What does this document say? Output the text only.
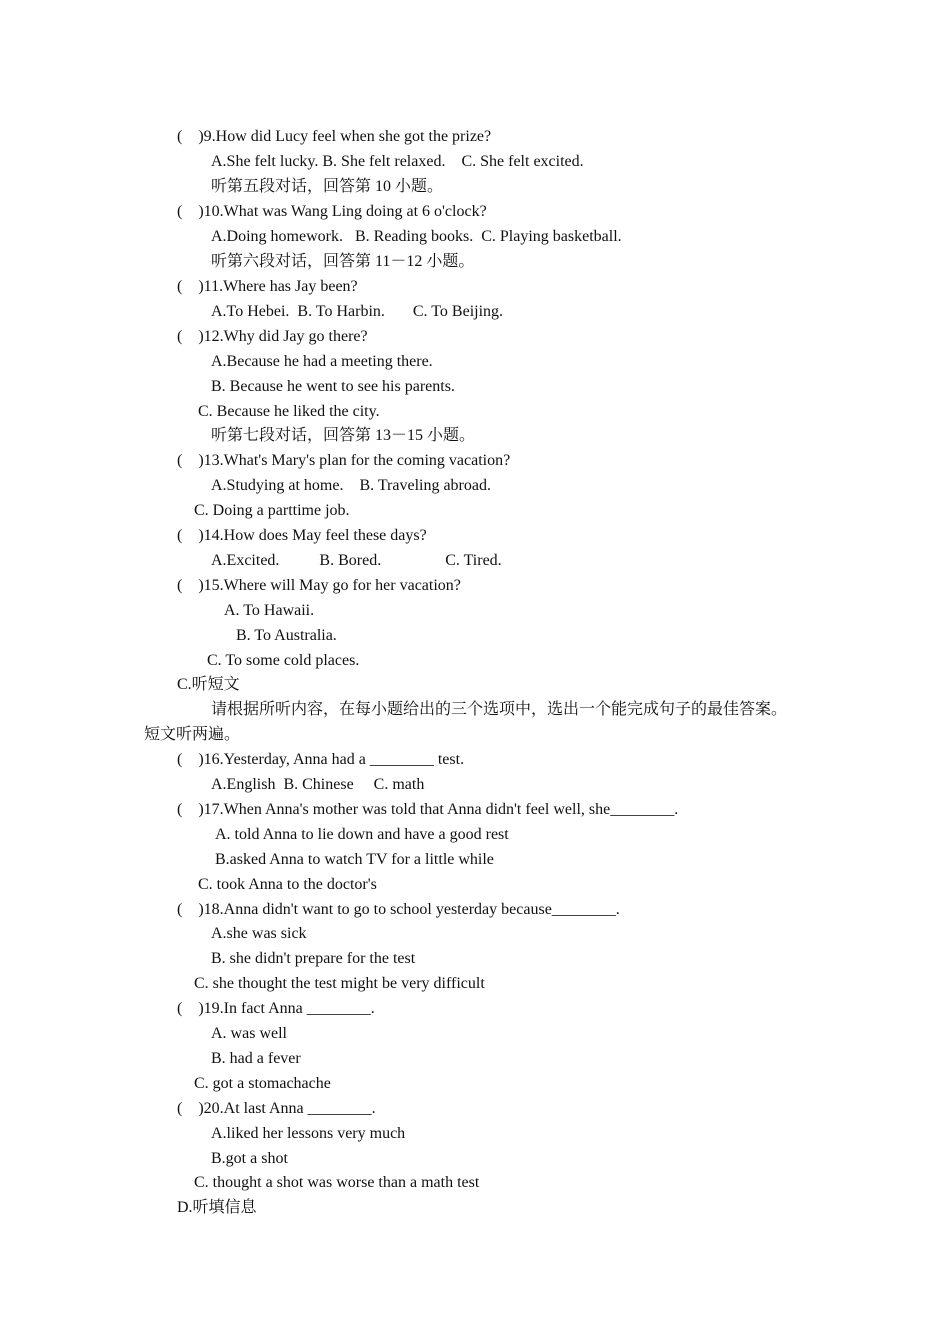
(    )9.How did Lucy feel when she got the prize?

A.She felt lucky. B. She felt relaxed.    C. She felt excited.

听第五段对话，回答第 10 小题。

(    )10.What was Wang Ling doing at 6 o'clock?

A.Doing homework.   B. Reading books.  C. Playing basketball.

听第六段对话，回答第 11－12 小题。

(    )11.Where has Jay been?

A.To Hebei.  B. To Harbin.       C. To Beijing.

(    )12.Why did Jay go there?

A.Because he had a meeting there.

B. Because he went to see his parents.

C. Because he liked the city.

听第七段对话，回答第 13－15 小题。

(    )13.What's Mary's plan for the coming vacation?

A.Studying at home.    B. Traveling abroad.

C. Doing a parttime job.

(    )14.How does May feel these days?

A.Excited.          B. Bored.                C. Tired.

(    )15.Where will May go for her vacation?

A. To Hawaii.

B. To Australia.

C. To some cold places.

C.听短文

请根据所听内容，在每小题给出的三个选项中，选出一个能完成句子的最佳答案。

短文听两遍。

(    )16.Yesterday, Anna had a ________ test.

A.English  B. Chinese     C. math

(    )17.When Anna's mother was told that Anna didn't feel well, she________.

A. told Anna to lie down and have a good rest

B.asked Anna to watch TV for a little while

C. took Anna to the doctor's

(    )18.Anna didn't want to go to school yesterday because________.

A.she was sick

B. she didn't prepare for the test

C. she thought the test might be very difficult

(    )19.In fact Anna ________.

A. was well

B. had a fever

C. got a stomachache

(    )20.At last Anna ________.

A.liked her lessons very much

B.got a shot

C. thought a shot was worse than a math test

D.听填信息
